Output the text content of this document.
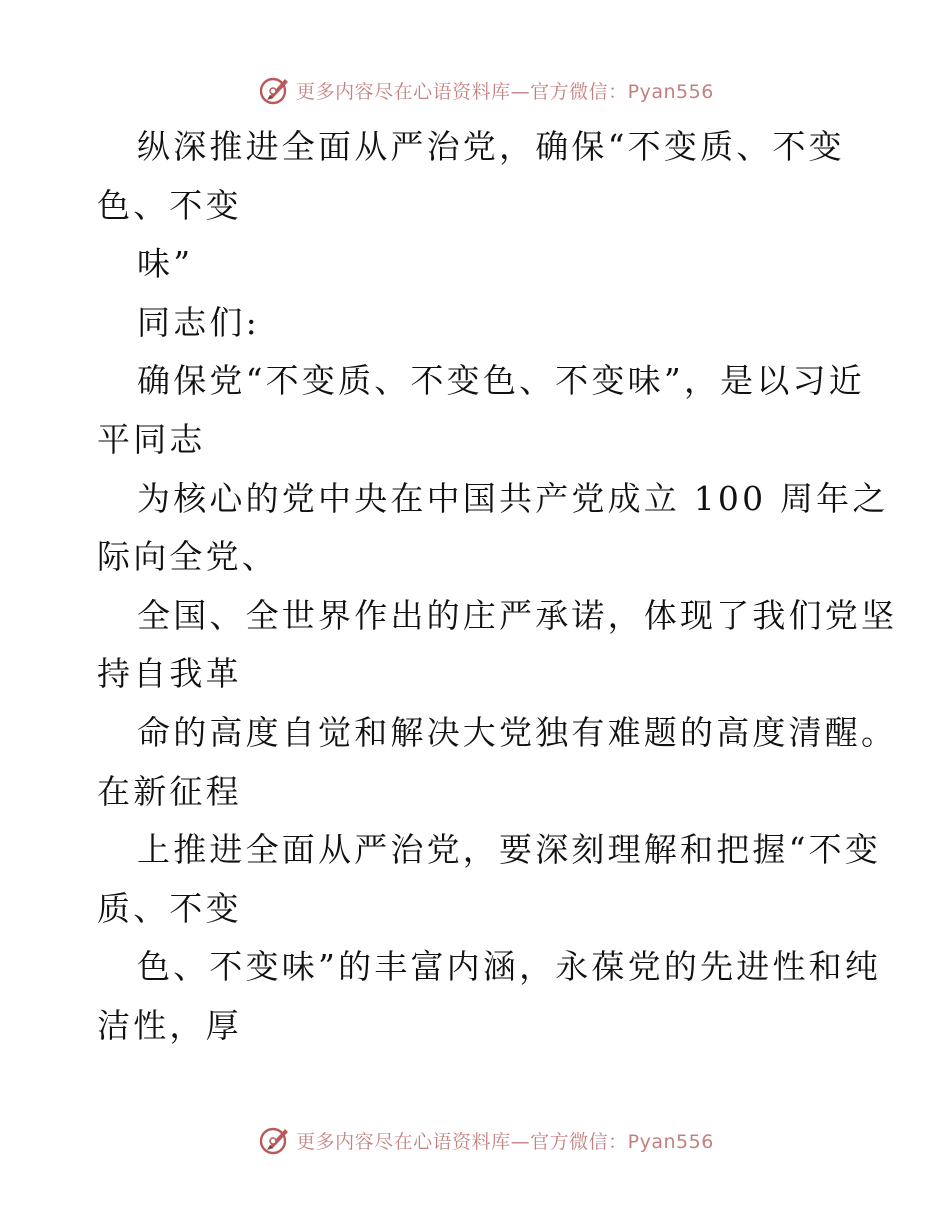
更多内容尽在心语资料库—官方微信：Pyan556
纵深推进全面从严治党，确保“不变质、不变
色、不变
味”
同志们:
确保党“不变质、不变色、不变味”，是以习近
平同志
为核心的党中央在中国共产党成立 100 周年之
际向全党、
全国、全世界作出的庄严承诺，体现了我们党坚
持自我革
命的高度自觉和解决大党独有难题的高度清醒。
在新征程
上推进全面从严治党，要深刻理解和把握“不变
质、不变
色、不变味”的丰富内涵，永葆党的先进性和纯
洁性，厚
更多内容尽在心语资料库—官方微信：Pyan556
